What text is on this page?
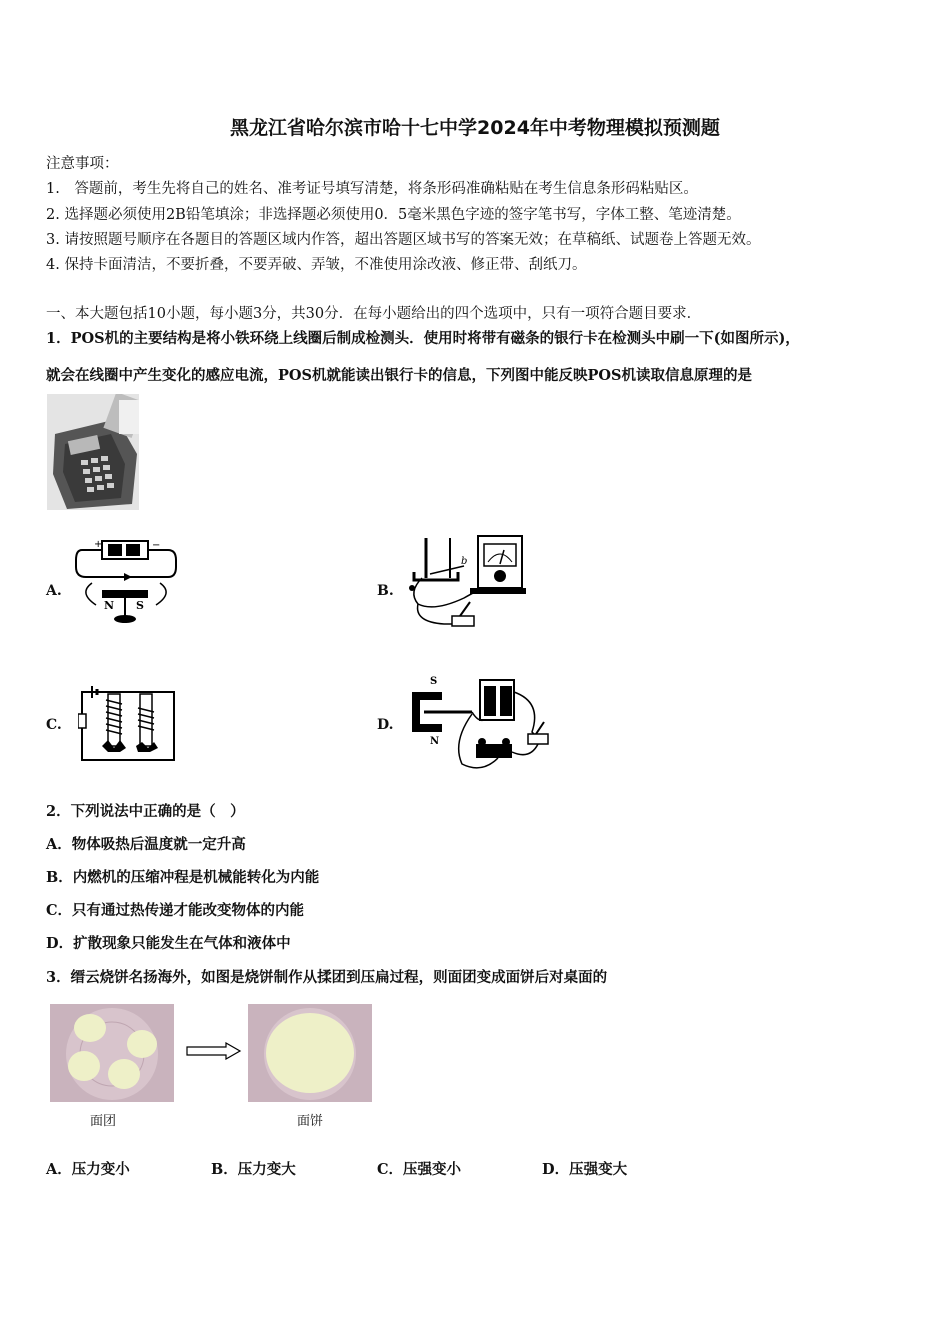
黑龙江省哈尔滨市哈十七中学2024年中考物理模拟预测题
注意事项：
1.　答题前，考生先将自己的姓名、准考证号填写清楚，将条形码准确粘贴在考生信息条形码粘贴区。
2. 选择题必须使用2B铅笔填涂；非选择题必须使用0．5毫米黑色字迹的签字笔书写，字体工整、笔迹清楚。
3. 请按照题号顺序在各题目的答题区域内作答，超出答题区域书写的答案无效；在草稿纸、试题卷上答题无效。
4. 保持卡面清洁，不要折叠，不要弄破、弄皱，不准使用涂改液、修正带、刮纸刀。
一、本大题包括10小题，每小题3分，共30分．在每小题给出的四个选项中，只有一项符合题目要求．
1．POS机的主要结构是将小铁环绕上线圈后制成检测头．使用时将带有磁条的银行卡在检测头中刷一下(如图所示)，
就会在线圈中产生变化的感应电流，POS机就能读出银行卡的信息，下列图中能反映POS机读取信息原理的是
A.
+	−
N S
B.
b
C.	D.
S
N
2．下列说法中正确的是（　）
A．物体吸热后温度就一定升高
B．内燃机的压缩冲程是机械能转化为内能
C．只有通过热传递才能改变物体的内能
D．扩散现象只能发生在气体和液体中
3．缙云烧饼名扬海外，如图是烧饼制作从揉团到压扁过程，则面团变成面饼后对桌面的
面团	面饼
A．压力变小	B．压力变大	C．压强变小	D．压强变大
